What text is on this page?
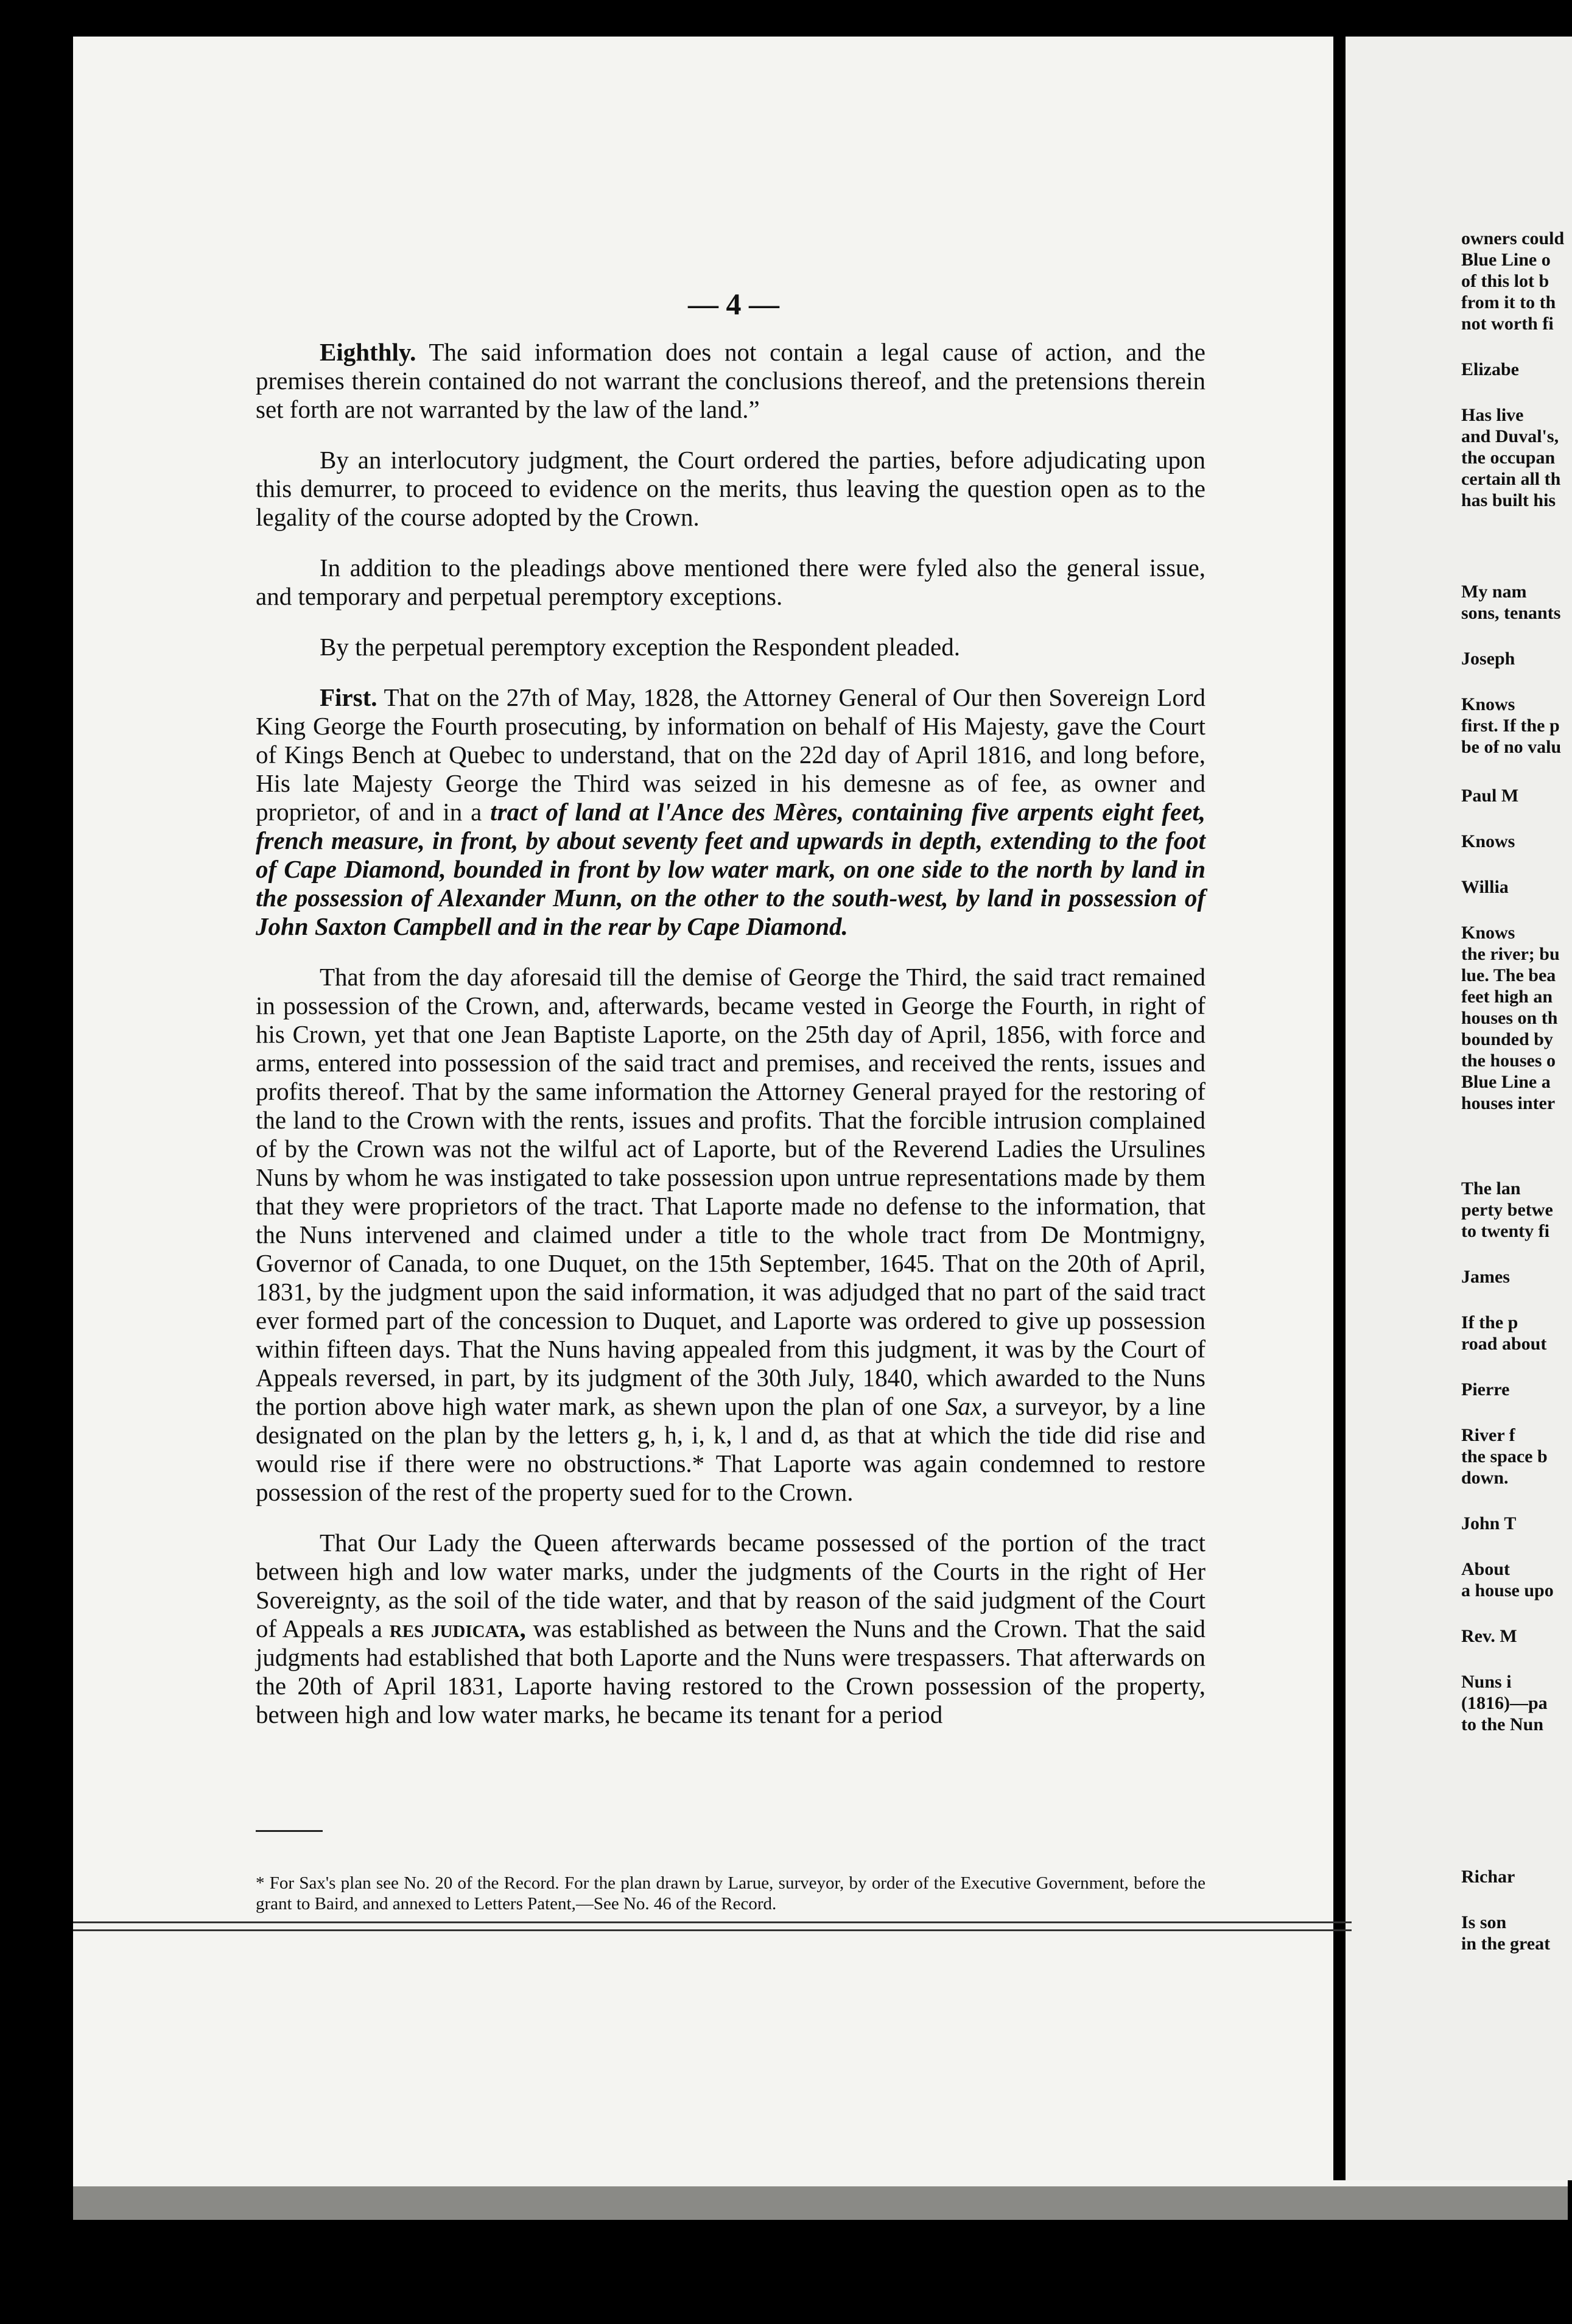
— 4 —

Eighthly. The said information does not contain a legal cause of action, and the premises therein contained do not warrant the conclusions thereof, and the pretensions therein set forth are not warranted by the law of the land.”

By an interlocutory judgment, the Court ordered the parties, before adjudicating upon this demurrer, to proceed to evidence on the merits, thus leaving the question open as to the legality of the course adopted by the Crown.

In addition to the pleadings above mentioned there were fyled also the general issue, and temporary and perpetual peremptory exceptions.

By the perpetual peremptory exception the Respondent pleaded.

First. That on the 27th of May, 1828, the Attorney General of Our then Sovereign Lord King George the Fourth prosecuting, by information on behalf of His Majesty, gave the Court of Kings Bench at Quebec to understand, that on the 22d day of April 1816, and long before, His late Majesty George the Third was seized in his demesne as of fee, as owner and proprietor, of and in a tract of land at l'Ance des Mères, containing five arpents eight feet, french measure, in front, by about seventy feet and upwards in depth, extending to the foot of Cape Diamond, bounded in front by low water mark, on one side to the north by land in the possession of Alexander Munn, on the other to the south-west, by land in possession of John Saxton Campbell and in the rear by Cape Diamond.

That from the day aforesaid till the demise of George the Third, the said tract remained in possession of the Crown, and, afterwards, became vested in George the Fourth, in right of his Crown, yet that one Jean Baptiste Laporte, on the 25th day of April, 1856, with force and arms, entered into possession of the said tract and premises, and received the rents, issues and profits thereof. That by the same information the Attorney General prayed for the restoring of the land to the Crown with the rents, issues and profits. That the forcible intrusion complained of by the Crown was not the wilful act of Laporte, but of the Reverend Ladies the Ursulines Nuns by whom he was instigated to take possession upon untrue representations made by them that they were proprietors of the tract. That Laporte made no defense to the information, that the Nuns intervened and claimed under a title to the whole tract from De Montmigny, Governor of Canada, to one Duquet, on the 15th September, 1645. That on the 20th of April, 1831, by the judgment upon the said information, it was adjudged that no part of the said tract ever formed part of the concession to Duquet, and Laporte was ordered to give up possession within fifteen days. That the Nuns having appealed from this judgment, it was by the Court of Appeals reversed, in part, by its judgment of the 30th July, 1840, which awarded to the Nuns the portion above high water mark, as shewn upon the plan of one Sax, a surveyor, by a line designated on the plan by the letters g, h, i, k, l and d, as that at which the tide did rise and would rise if there were no obstructions.* That Laporte was again condemned to restore possession of the rest of the property sued for to the Crown.

That Our Lady the Queen afterwards became possessed of the portion of the tract between high and low water marks, under the judgments of the Courts in the right of Her Sovereignty, as the soil of the tide water, and that by reason of the said judgment of the Court of Appeals a res judicata, was established as between the Nuns and the Crown. That the said judgments had established that both Laporte and the Nuns were trespassers. That afterwards on the 20th of April 1831, Laporte having restored to the Crown possession of the property, between high and low water marks, he became its tenant for a period

* For Sax's plan see No. 20 of the Record. For the plan drawn by Larue, surveyor, by order of the Executive Government, before the grant to Baird, and annexed to Letters Patent,—See No. 46 of the Record.
owners could
Blue Line o
of this lot b
from it to th
not worth fi
Elizabe
Has live
and Duval's,
the occupan
certain all th
has built his
My nam
sons, tenants
Joseph
Knows
first. If the p
be of no valu
Paul M
Knows
Willia
Knows
the river; bu
lue. The bea
feet high an
houses on th
bounded by
the houses o
Blue Line a
houses inter
The lan
perty betwe
to twenty fi
James
If the p
road about
Pierre
River f
the space b
down.
John T
About
a house upo
Rev. M
Nuns i
(1816)—pa
to the Nun
Richar
Is son
in the great
